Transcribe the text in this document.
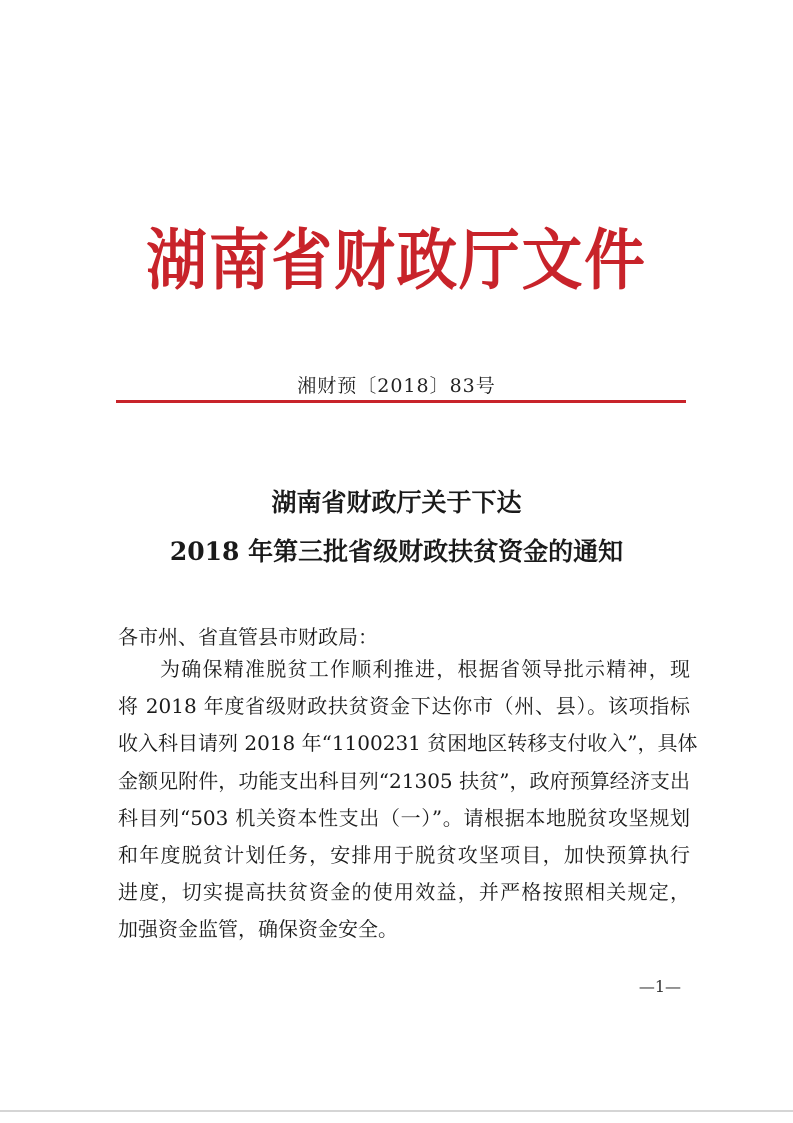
湖南省财政厅文件
湘财预〔2018〕83号
湖南省财政厅关于下达
2018 年第三批省级财政扶贫资金的通知
各市州、省直管县市财政局：
为确保精准脱贫工作顺利推进，根据省领导批示精神，现
将 2018 年度省级财政扶贫资金下达你市（州、县）。该项指标
收入科目请列 2018 年“1100231 贫困地区转移支付收入”，具体
金额见附件，功能支出科目列“21305 扶贫”，政府预算经济支出
科目列“503 机关资本性支出（一）”。请根据本地脱贫攻坚规划
和年度脱贫计划任务，安排用于脱贫攻坚项目，加快预算执行
进度，切实提高扶贫资金的使用效益，并严格按照相关规定，
加强资金监管，确保资金安全。
—1—
